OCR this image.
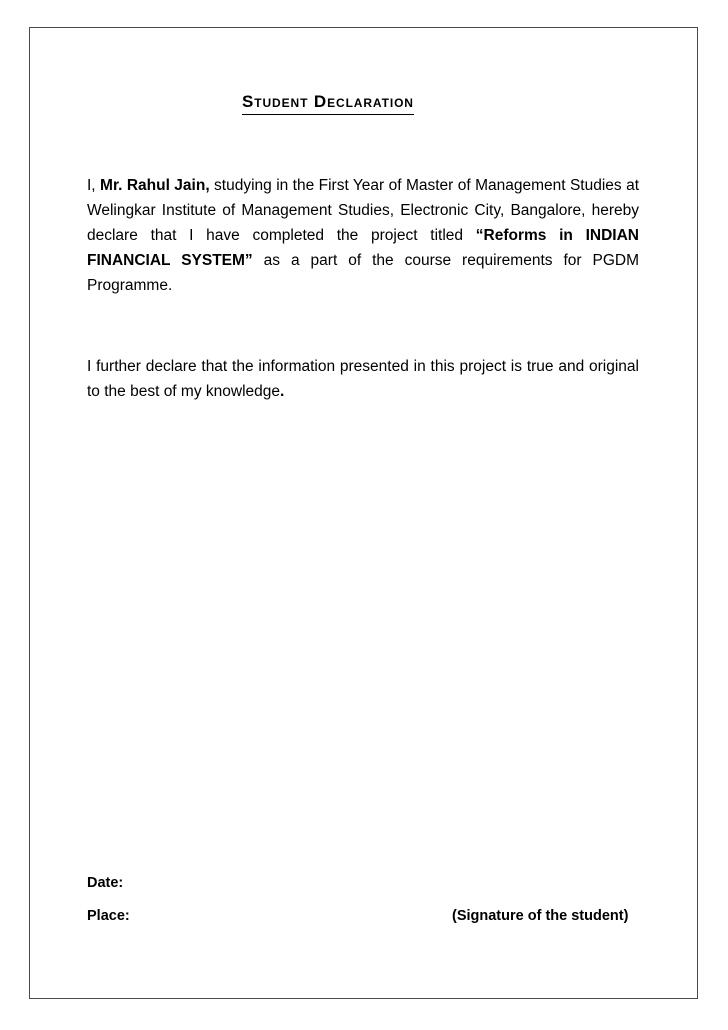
Student Declaration

I, Mr. Rahul Jain, studying in the First Year of Master of Management Studies at Welingkar Institute of Management Studies, Electronic City, Bangalore, hereby declare that I have completed the project titled “Reforms in INDIAN FINANCIAL SYSTEM” as a part of the course requirements for PGDM Programme.

I further declare that the information presented in this project is true and original to the best of my knowledge.

Date:

Place:	(Signature of the student)
